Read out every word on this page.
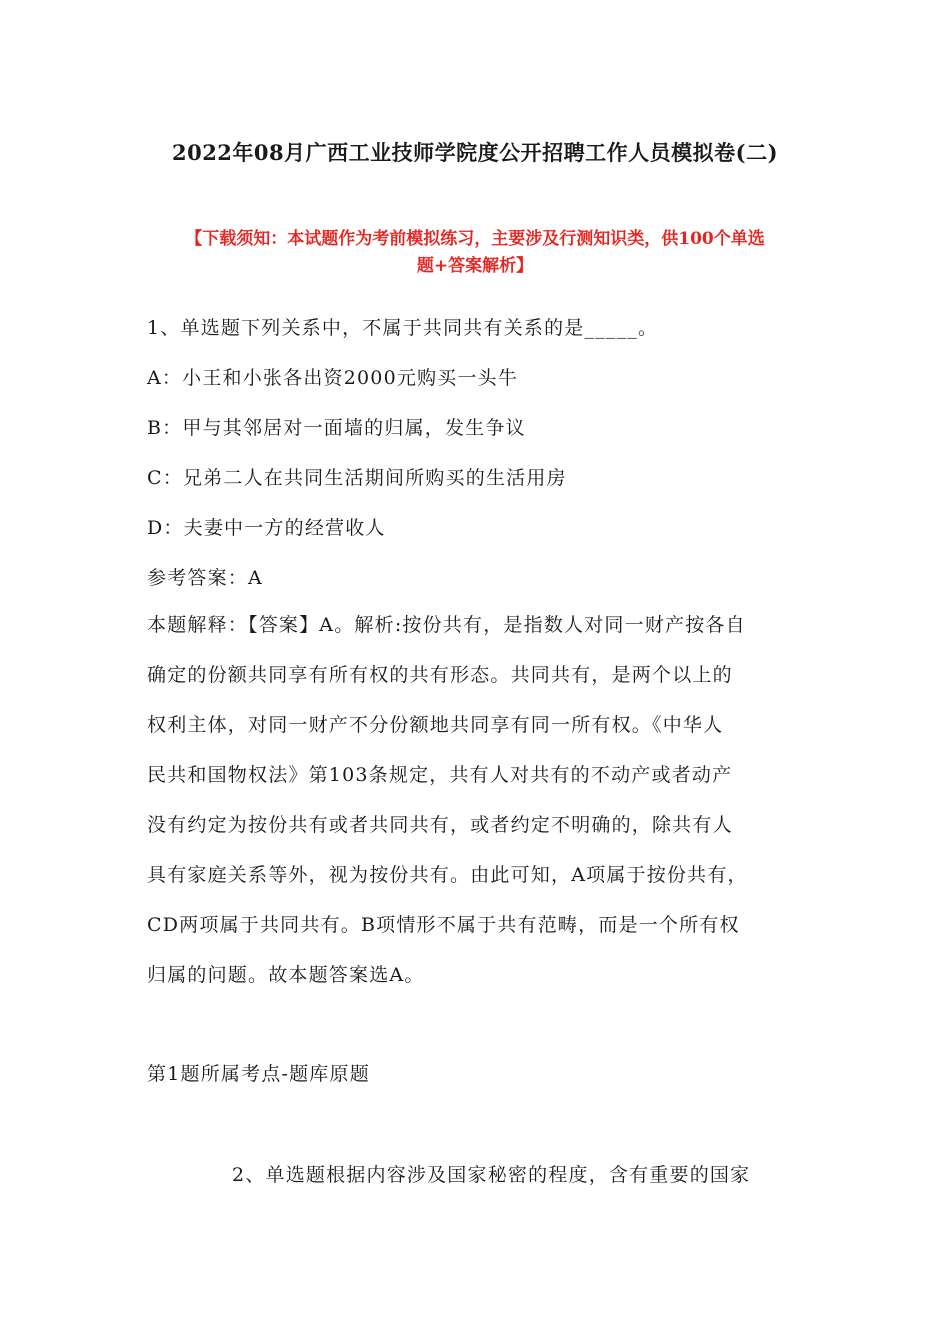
2022年08月广西工业技师学院度公开招聘工作人员模拟卷(二)
【下载须知：本试题作为考前模拟练习，主要涉及行测知识类，供100个单选
题+答案解析】
1、单选题下列关系中，不属于共同共有关系的是_____。
A：小王和小张各出资2000元购买一头牛
B：甲与其邻居对一面墙的归属，发生争议
C：兄弟二人在共同生活期间所购买的生活用房
D：夫妻中一方的经营收人
参考答案：A
本题解释：【答案】A。解析:按份共有，是指数人对同一财产按各自
确定的份额共同享有所有权的共有形态。共同共有，是两个以上的
权利主体，对同一财产不分份额地共同享有同一所有权。《中华人
民共和国物权法》第103条规定，共有人对共有的不动产或者动产
没有约定为按份共有或者共同共有，或者约定不明确的，除共有人
具有家庭关系等外，视为按份共有。由此可知，A项属于按份共有，
CD两项属于共同共有。B项情形不属于共有范畴，而是一个所有权
归属的问题。故本题答案选A。
第1题所属考点-题库原题
2、单选题根据内容涉及国家秘密的程度，含有重要的国家
